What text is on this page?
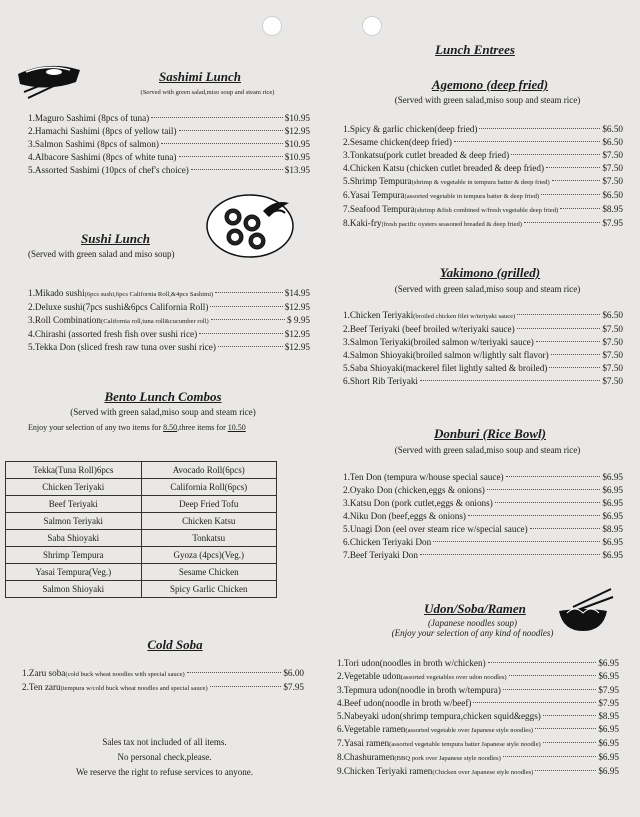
Sashimi Lunch
(Served with green salad,miso soup and steam rice)
1.Maguro Sashimi (8pcs of tuna)	$10.95
2.Hamachi Sashimi (8pcs of yellow tail)	$12.95
3.Salmon Sashimi (8pcs of salmon)	$10.95
4.Albacore Sashimi (8pcs of white tuna)	$10.95
5.Assorted Sashimi (10pcs of chef's choice)	$13.95
Sushi Lunch
(Served with green salad and miso soup)
1.Mikado sushi (6pcs sushi,6pcs California Roll,&4pcs Sashimi)	$14.95
2.Deluxe sushi(7pcs sushi&6pcs California Roll)	$12.95
3.Roll Combination (California roll,tuna roll&cucumber roll)	$ 9.95
4.Chirashi (assorted fresh fish over sushi rice)	$12.95
5.Tekka Don (sliced fresh raw tuna over sushi rice)	$12.95
Bento Lunch Combos
(Served with green salad,miso soup and steam rice)
Enjoy your selection of any two items for 8.50,three items for 10.50
Tekka(Tuna Roll)6pcs	Avocado Roll(6pcs)
Chicken Teriyaki	California Roll(6pcs)
Beef Teriyaki	Deep Fried Tofu
Salmon Teriyaki	Chicken Katsu
Saba Shioyaki	Tonkatsu
Shrimp Tempura	Gyoza (4pcs)(Veg.)
Yasai Tempura(Veg.)	Sesame Chicken
Salmon Shioyaki	Spicy Garlic Chicken
Cold Soba
1.Zaru soba (cold buck wheat noodles with special sauce)	$6.00
2.Ten zaru (tempura w/cold buck wheat noodles and special sauce)	$7.95
Sales tax not included of all items.
No personal check,please.
We reserve the right to refuse services to anyone.
Lunch Entrees
Agemono (deep fried)
(Served with green salad,miso soup and steam rice)
1.Spicy & garlic chicken(deep fried)	$6.50
2.Sesame chicken(deep fried)	$6.50
3.Tonkatsu(pork cutlet breaded & deep fried)	$7.50
4.Chicken Katsu (chicken cutlet breaded & deep fried)	$7.50
5.Shrimp Tempura (shrimp & vegetable in tempura batter & deep fried)	$7.50
6.Yasai Tempura (assorted vegetable in tempura batter & deep fried)	$6.50
7.Seafood Tempura (shrimp &fish combined w/fresh vegetable deep fried)	$8.95
8.Kaki-fry (fresh pacific oysters seasoned breaded & deep fried)	$7.95
Yakimono (grilled)
(Served with green salad,miso soup and steam rice)
1.Chicken Teriyaki (broiled chicken filet w/teriyaki sauce)	$6.50
2.Beef Teriyaki (beef broiled w/teriyaki sauce)	$7.50
3.Salmon Teriyaki(broiled salmon w/teriyaki sauce)	$7.50
4.Salmon Shioyaki(broiled salmon w/lightly salt flavor)	$7.50
5.Saba Shioyaki(mackerel filet lightly salted & broiled)	$7.50
6.Short Rib Teriyaki	$7.50
Donburi (Rice Bowl)
(Served with green salad,miso soup and steam rice)
1.Ten Don (tempura w/house special sauce)	$6.95
2.Oyako Don (chicken,eggs & onions)	$6.95
3.Katsu Don (pork cutlet,eggs & onions)	$6.95
4.Niku Don (beef,eggs & onions)	$6.95
5.Unagi Don (eel over steam rice w/special sauce)	$8.95
6.Chicken Teriyaki Don	$6.95
7.Beef Teriyaki Don	$6.95
Udon/Soba/Ramen
(Japanese noodles soup)
(Enjoy your selection of any kind of noodles)
1.Tori udon(noodles in broth w/chicken)	$6.95
2.Vegetable udon (assorted vegetables over udon noodles)	$6.95
3.Tepmura udon(noodle in broth w/tempura)	$7.95
4.Beef udon(noodle in broth w/beef)	$7.95
5.Nabeyaki udon(shrimp tempura,chicken squid&eggs)	$8.95
6.Vegetable ramen (assorted vegetable over Japanese style noodles)	$6.95
7.Yasai ramen (assorted vegetable tempura batter Japanese style noodle)	$6.95
8.Chashuramen (BBQ pork over Japanese style noodles)	$6.95
9.Chicken Teriyaki ramen (Chicken over Japanese style noodles)	$6.95
